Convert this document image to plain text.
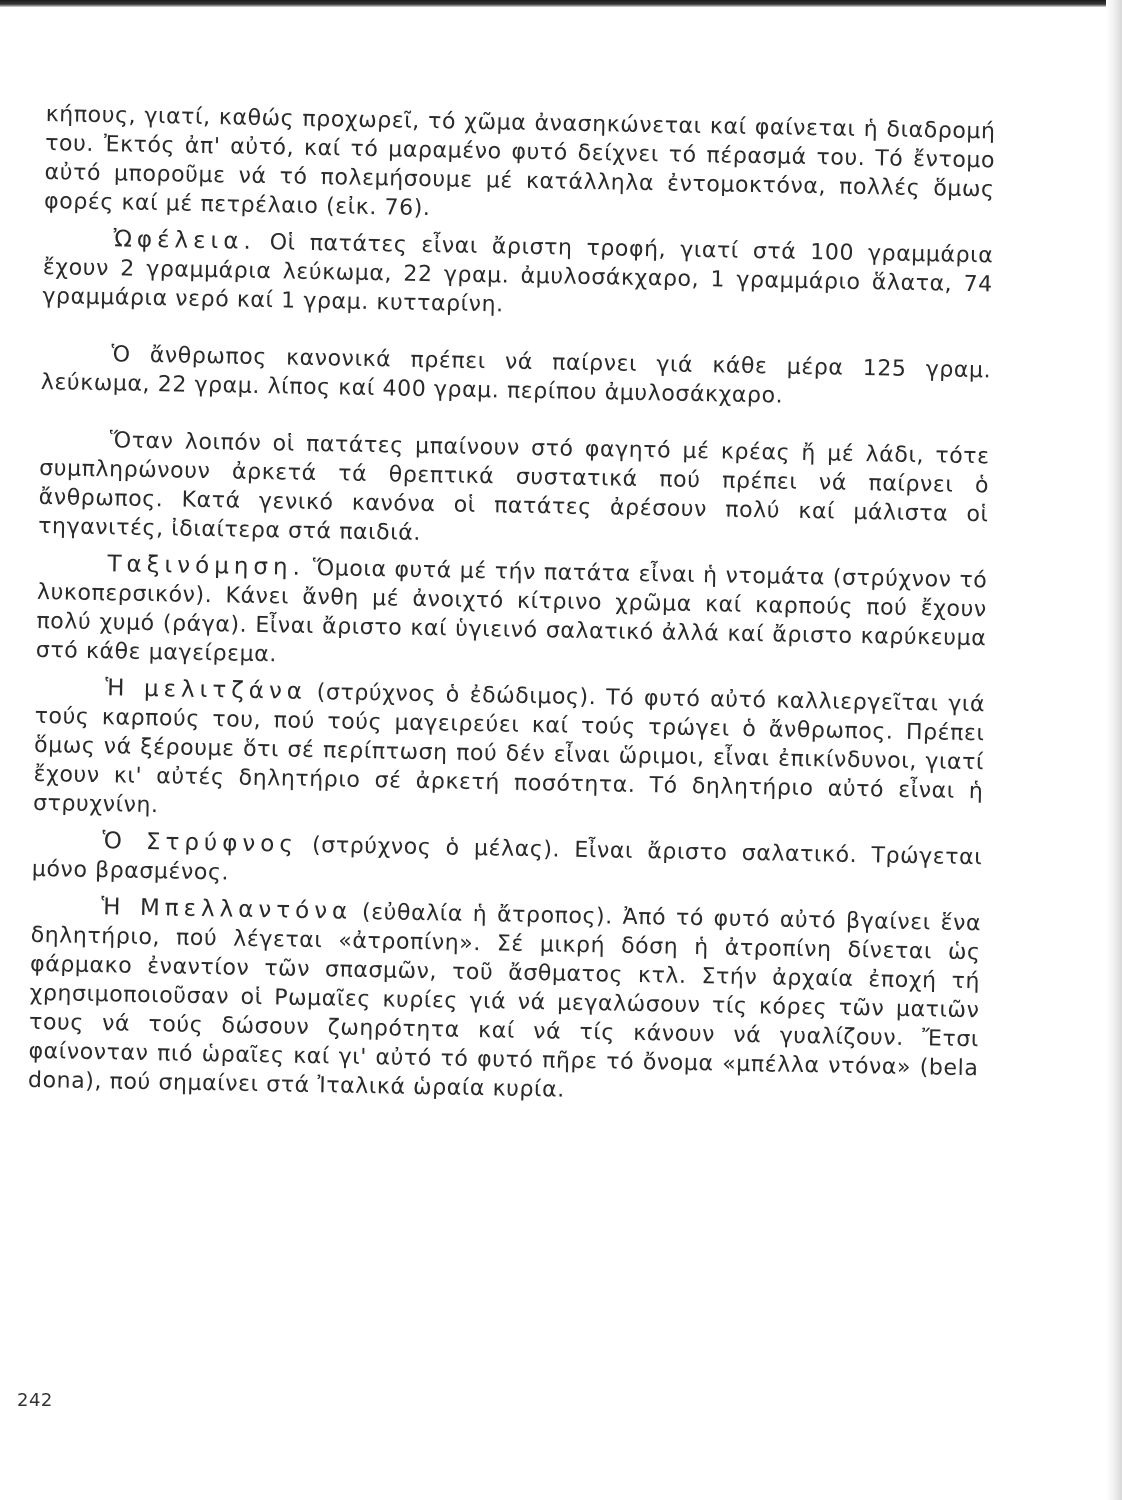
κήπους, γιατί, καθώς προχωρεῖ, τό χῶμα ἀνασηκώνεται καί φαίνεται ἡ διαδρομή του. Ἐκτός ἀπ' αὐτό, καί τό μαραμένο φυτό δείχνει τό πέρασμά του. Τό ἔντομο αὐτό μποροῦμε νά τό πολεμήσουμε μέ κατάλληλα ἐντομοκτόνα, πολλές ὅμως φορές καί μέ πετρέλαιο (εἰκ. 76).

Ὠφέλεια. Οἱ πατάτες εἶναι ἄριστη τροφή, γιατί στά 100 γραμμάρια ἔχουν 2 γραμμάρια λεύκωμα, 22 γραμ. ἀμυλοσάκχαρο, 1 γραμμάριο ἅλατα, 74 γραμμάρια νερό καί 1 γραμ. κυτταρίνη.

Ὁ ἄνθρωπος κανονικά πρέπει νά παίρνει γιά κάθε μέρα 125 γραμ. λεύκωμα, 22 γραμ. λίπος καί 400 γραμ. περίπου ἀμυλοσάκχαρο.

Ὅταν λοιπόν οἱ πατάτες μπαίνουν στό φαγητό μέ κρέας ἤ μέ λάδι, τότε συμπληρώνουν ἀρκετά τά θρεπτικά συστατικά πού πρέπει νά παίρνει ὁ ἄνθρωπος. Κατά γενικό κανόνα οἱ πατάτες ἀρέσουν πολύ καί μάλιστα οἱ τηγανιτές, ἰδιαίτερα στά παιδιά.

Ταξινόμηση. Ὅμοια φυτά μέ τήν πατάτα εἶναι ἡ ντομάτα (στρύχνον τό λυκοπερσικόν). Κάνει ἄνθη μέ ἀνοιχτό κίτρινο χρῶμα καί καρπούς πού ἔχουν πολύ χυμό (ράγα). Εἶναι ἄριστο καί ὑγιεινό σαλατικό ἀλλά καί ἄριστο καρύκευμα στό κάθε μαγείρεμα.

Ἡ μελιτζάνα (στρύχνος ὁ ἐδώδιμος). Τό φυτό αὐτό καλλιεργεῖται γιά τούς καρπούς του, πού τούς μαγειρεύει καί τούς τρώγει ὁ ἄνθρωπος. Πρέπει ὅμως νά ξέρουμε ὅτι σέ περίπτωση πού δέν εἶναι ὥριμοι, εἶναι ἐπικίνδυνοι, γιατί ἔχουν κι' αὐτές δηλητήριο σέ ἀρκετή ποσότητα. Τό δηλητήριο αὐτό εἶναι ἡ στρυχνίνη.

Ὁ Στρύφνος (στρύχνος ὁ μέλας). Εἶναι ἄριστο σαλατικό. Τρώγεται μόνο βρασμένος.

Ἡ Μπελλαντόνα (εὐθαλία ἡ ἄτροπος). Ἀπό τό φυτό αὐτό βγαίνει ἕνα δηλητήριο, πού λέγεται «ἀτροπίνη». Σέ μικρή δόση ἡ ἀτροπίνη δίνεται ὡς φάρμακο ἐναντίον τῶν σπασμῶν, τοῦ ἄσθματος κτλ. Στήν ἀρχαία ἐποχή τή χρησιμοποιοῦσαν οἱ Ρωμαῖες κυρίες γιά νά μεγαλώσουν τίς κόρες τῶν ματιῶν τους νά τούς δώσουν ζωηρότητα καί νά τίς κάνουν νά γυαλίζουν. Ἔτσι φαίνονταν πιό ὡραῖες καί γι' αὐτό τό φυτό πῆρε τό ὄνομα «μπέλλα ντόνα» (bela dona), πού σημαίνει στά Ἰταλικά ὡραία κυρία.

242
